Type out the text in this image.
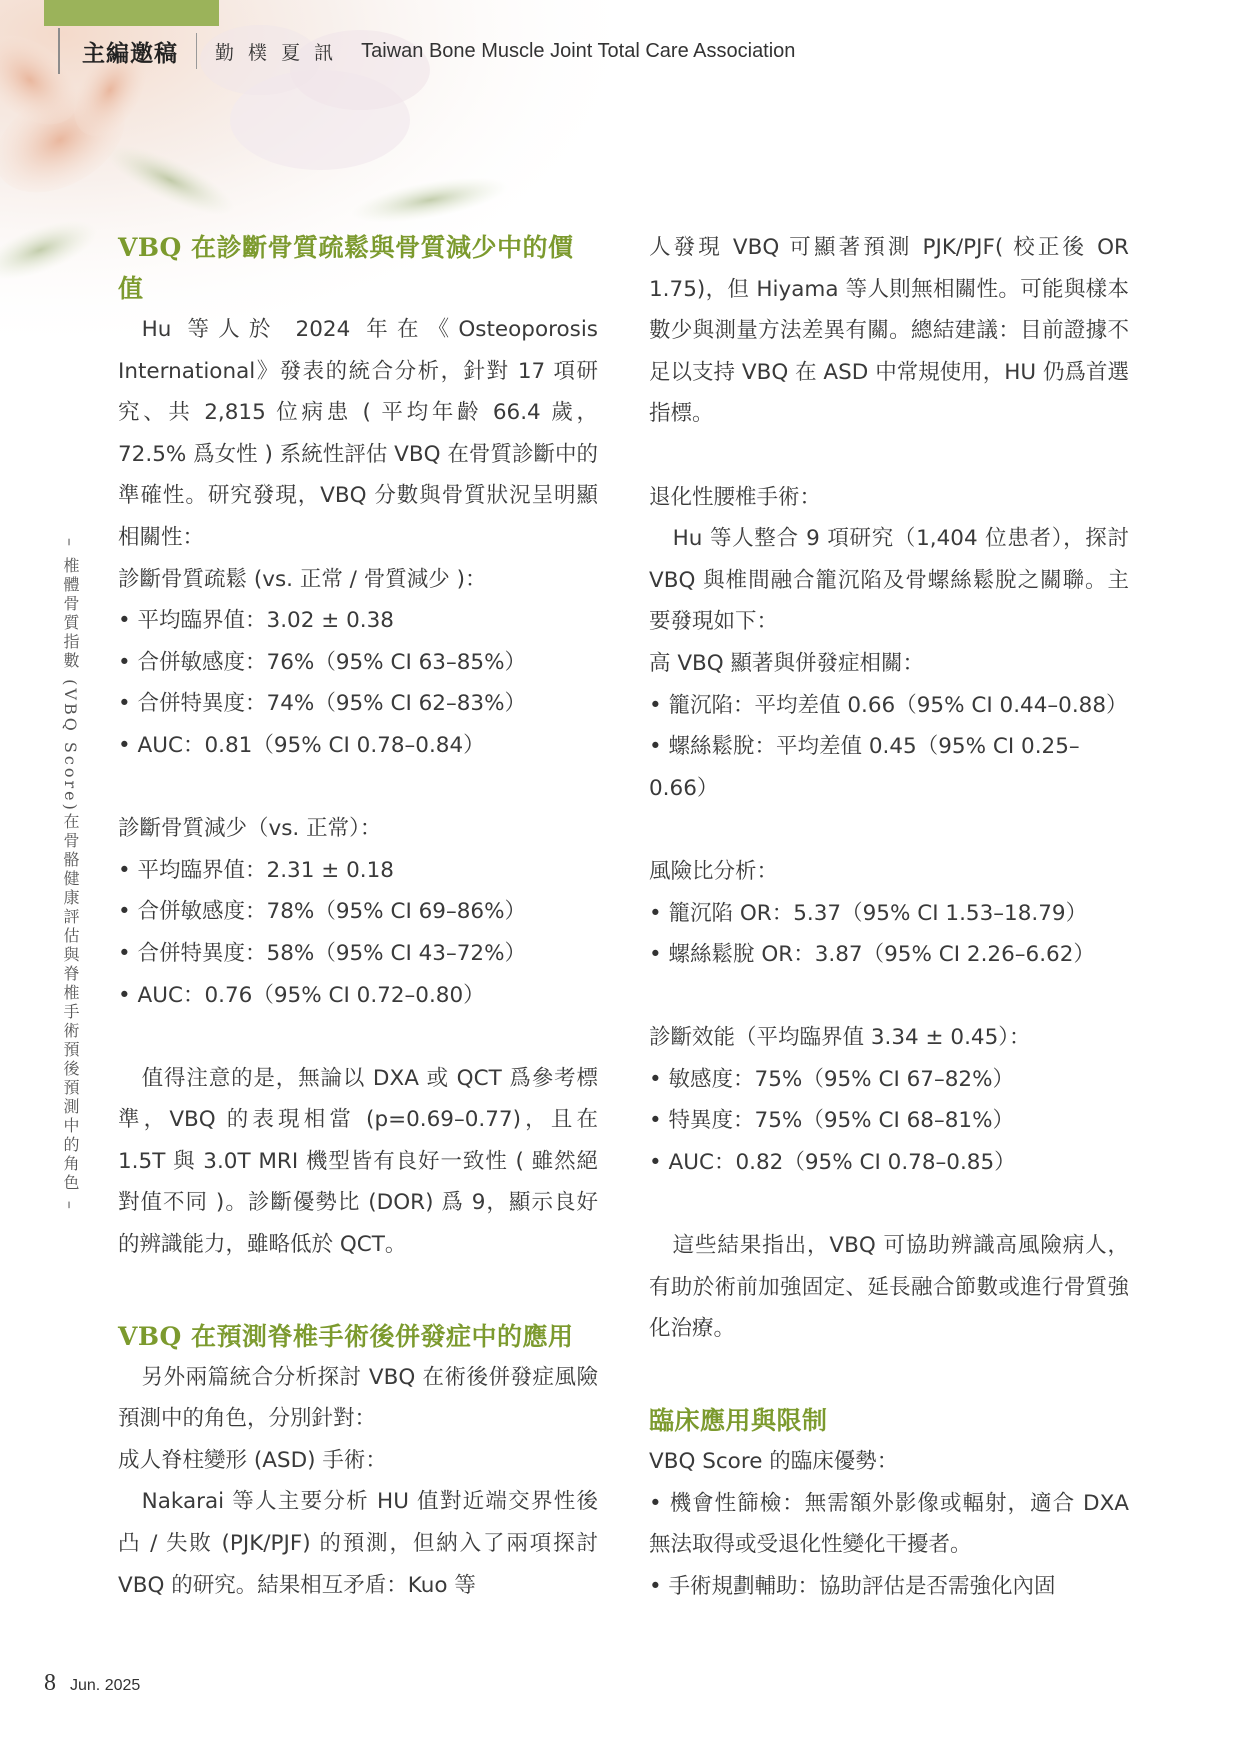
主編邀稿 勤 樸 夏 訊 Taiwan Bone Muscle Joint Total Care Association
– 椎體骨質指數 (VBQ Score)在骨骼健康評估與脊椎手術預後預測中的角色 –

VBQ 在診斷骨質疏鬆與骨質減少中的價值

Hu 等人於 2024 年在《Osteoporosis International》發表的統合分析，針對 17 項研究、共 2,815 位病患 ( 平均年齡 66.4 歲，72.5% 爲女性 ) 系統性評估 VBQ 在骨質診斷中的準確性。研究發現，VBQ 分數與骨質狀況呈明顯相關性：

診斷骨質疏鬆 (vs. 正常 / 骨質減少 )：

• 平均臨界值：3.02 ± 0.38

• 合併敏感度：76%（95% CI 63–85%）

• 合併特異度：74%（95% CI 62–83%）

• AUC：0.81（95% CI 0.78–0.84）

診斷骨質減少（vs. 正常）：

• 平均臨界值：2.31 ± 0.18

• 合併敏感度：78%（95% CI 69–86%）

• 合併特異度：58%（95% CI 43–72%）

• AUC：0.76（95% CI 0.72–0.80）

值得注意的是，無論以 DXA 或 QCT 爲參考標準，VBQ 的表現相當 (p=0.69–0.77)，且在 1.5T 與 3.0T MRI 機型皆有良好一致性 ( 雖然絕對值不同 )。診斷優勢比 (DOR) 爲 9，顯示良好的辨識能力，雖略低於 QCT。

VBQ 在預測脊椎手術後併發症中的應用

另外兩篇統合分析探討 VBQ 在術後併發症風險預測中的角色，分別針對：

成人脊柱變形 (ASD) 手術：

Nakarai 等人主要分析 HU 值對近端交界性後凸 / 失敗 (PJK/PJF) 的預測，但納入了兩項探討 VBQ 的研究。結果相互矛盾：Kuo 等

人發現 VBQ 可顯著預測 PJK/PJF( 校正後 OR 1.75)，但 Hiyama 等人則無相關性。可能與樣本數少與測量方法差異有關。總結建議：目前證據不足以支持 VBQ 在 ASD 中常規使用，HU 仍爲首選指標。

退化性腰椎手術：

Hu 等人整合 9 項研究（1,404 位患者），探討 VBQ 與椎間融合籠沉陷及骨螺絲鬆脫之關聯。主要發現如下：

高 VBQ 顯著與併發症相關：

• 籠沉陷：平均差值 0.66（95% CI 0.44–0.88）

• 螺絲鬆脫：平均差值 0.45（95% CI 0.25–0.66）

風險比分析：

• 籠沉陷 OR：5.37（95% CI 1.53–18.79）

• 螺絲鬆脫 OR：3.87（95% CI 2.26–6.62）

診斷效能（平均臨界值 3.34 ± 0.45）：

• 敏感度：75%（95% CI 67–82%）

• 特異度：75%（95% CI 68–81%）

• AUC：0.82（95% CI 0.78–0.85）

這些結果指出，VBQ 可協助辨識高風險病人，有助於術前加強固定、延長融合節數或進行骨質強化治療。

臨床應用與限制

VBQ Score 的臨床優勢：

• 機會性篩檢：無需額外影像或輻射，適合 DXA 無法取得或受退化性變化干擾者。

• 手術規劃輔助：協助評估是否需強化內固

8 Jun. 2025
